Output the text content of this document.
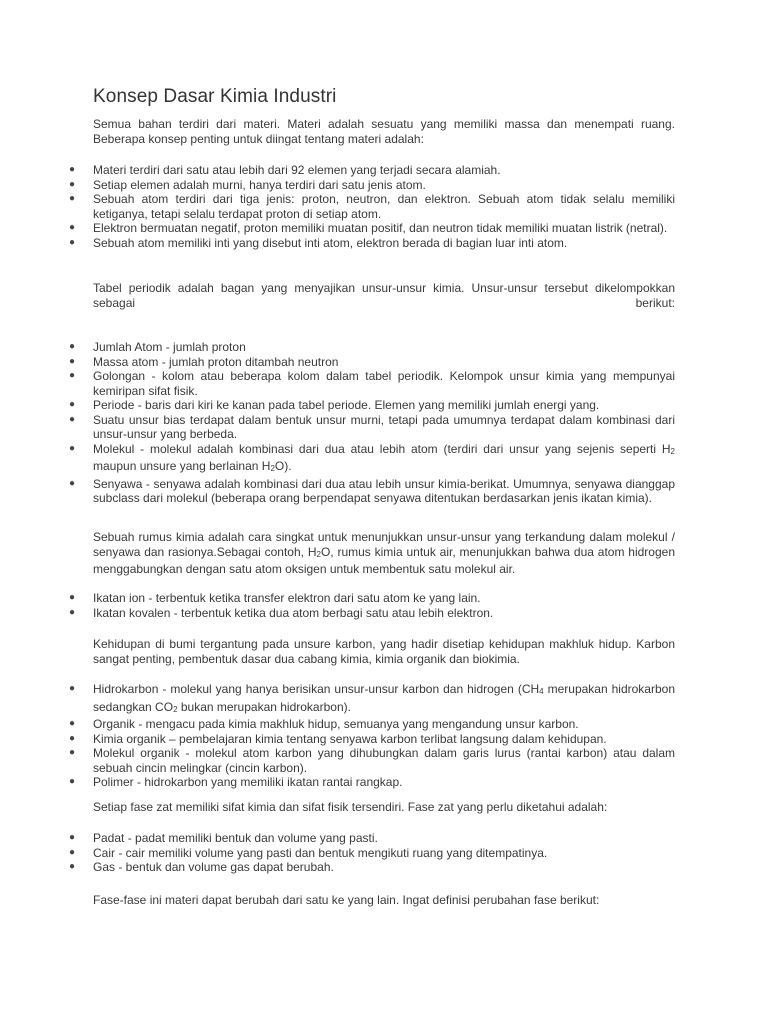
Konsep Dasar Kimia Industri

Semua bahan terdiri dari materi. Materi adalah sesuatu yang memiliki massa dan menempati ruang. Beberapa konsep penting untuk diingat tentang materi adalah:

● Materi terdiri dari satu atau lebih dari 92 elemen yang terjadi secara alamiah.
● Setiap elemen adalah murni, hanya terdiri dari satu jenis atom.
● Sebuah atom terdiri dari tiga jenis: proton, neutron, dan elektron. Sebuah atom tidak selalu memiliki ketiganya, tetapi selalu terdapat proton di setiap atom.
● Elektron bermuatan negatif, proton memiliki muatan positif, dan neutron tidak memiliki muatan listrik (netral).
● Sebuah atom memiliki inti yang disebut inti atom, elektron berada di bagian luar inti atom.

Tabel periodik adalah bagan yang menyajikan unsur-unsur kimia. Unsur-unsur tersebut dikelompokkan sebagai berikut:

● Jumlah Atom - jumlah proton
● Massa atom - jumlah proton ditambah neutron
● Golongan - kolom atau beberapa kolom dalam tabel periodik. Kelompok unsur kimia yang mempunyai kemiripan sifat fisik.
● Periode - baris dari kiri ke kanan pada tabel periode. Elemen yang memiliki jumlah energi yang.
● Suatu unsur bias terdapat dalam bentuk unsur murni, tetapi pada umumnya terdapat dalam kombinasi dari unsur-unsur yang berbeda.
● Molekul - molekul adalah kombinasi dari dua atau lebih atom (terdiri dari unsur yang sejenis seperti $H_2$ maupun unsure yang berlainan $H_2O$).
● Senyawa - senyawa adalah kombinasi dari dua atau lebih unsur kimia-berikat. Umumnya, senyawa dianggap subclass dari molekul (beberapa orang berpendapat senyawa ditentukan berdasarkan jenis ikatan kimia).

Sebuah rumus kimia adalah cara singkat untuk menunjukkan unsur-unsur yang terkandung dalam molekul / senyawa dan rasionya.Sebagai contoh, $H_2O$, rumus kimia untuk air, menunjukkan bahwa dua atom hidrogen menggabungkan dengan satu atom oksigen untuk membentuk satu molekul air.

● Ikatan ion - terbentuk ketika transfer elektron dari satu atom ke yang lain.
● Ikatan kovalen - terbentuk ketika dua atom berbagi satu atau lebih elektron.

Kehidupan di bumi tergantung pada unsure karbon, yang hadir disetiap kehidupan makhluk hidup. Karbon sangat penting, pembentuk dasar dua cabang kimia, kimia organik dan biokimia.

● Hidrokarbon - molekul yang hanya berisikan unsur-unsur karbon dan hidrogen ($CH_4$ merupakan hidrokarbon sedangkan $CO_2$ bukan merupakan hidrokarbon).
● Organik - mengacu pada kimia makhluk hidup, semuanya yang mengandung unsur karbon.
● Kimia organik – pembelajaran kimia tentang senyawa karbon terlibat langsung dalam kehidupan.
● Molekul organik - molekul atom karbon yang dihubungkan dalam garis lurus (rantai karbon) atau dalam sebuah cincin melingkar (cincin karbon).
● Polimer - hidrokarbon yang memiliki ikatan rantai rangkap.

Setiap fase zat memiliki sifat kimia dan sifat fisik tersendiri. Fase zat yang perlu diketahui adalah:

● Padat - padat memiliki bentuk dan volume yang pasti.
● Cair - cair memiliki volume yang pasti dan bentuk mengikuti ruang yang ditempatinya.
● Gas - bentuk dan volume gas dapat berubah.

Fase-fase ini materi dapat berubah dari satu ke yang lain. Ingat definisi perubahan fase berikut:
